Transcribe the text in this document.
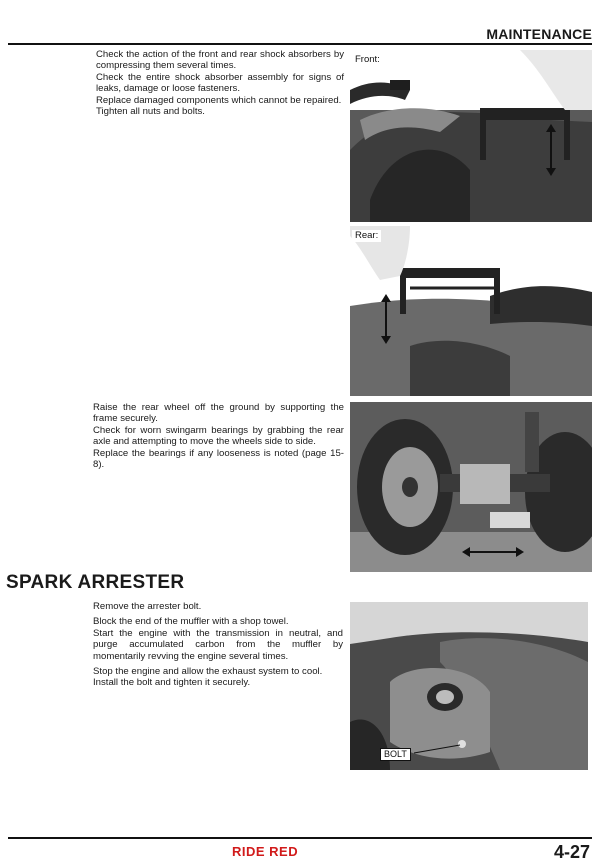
MAINTENANCE

Check the action of the front and rear shock absorbers by compressing them several times.

Check the entire shock absorber assembly for signs of leaks, damage or loose fasteners.

Replace damaged components which cannot be repaired.

Tighten all nuts and bolts.

Front:
Rear:

Raise the rear wheel off the ground by supporting the frame securely.

Check for worn swingarm bearings by grabbing the rear axle and attempting to move the wheels side to side.

Replace the bearings if any looseness is noted (page 15-8).

SPARK ARRESTER

Remove the arrester bolt.

Block the end of the muffler with a shop towel.

Start the engine with the transmission in neutral, and purge accumulated carbon from the muffler by momentarily revving the engine several times.

Stop the engine and allow the exhaust system to cool.

Install the bolt and tighten it securely.

BOLT
RIDE RED	4-27
